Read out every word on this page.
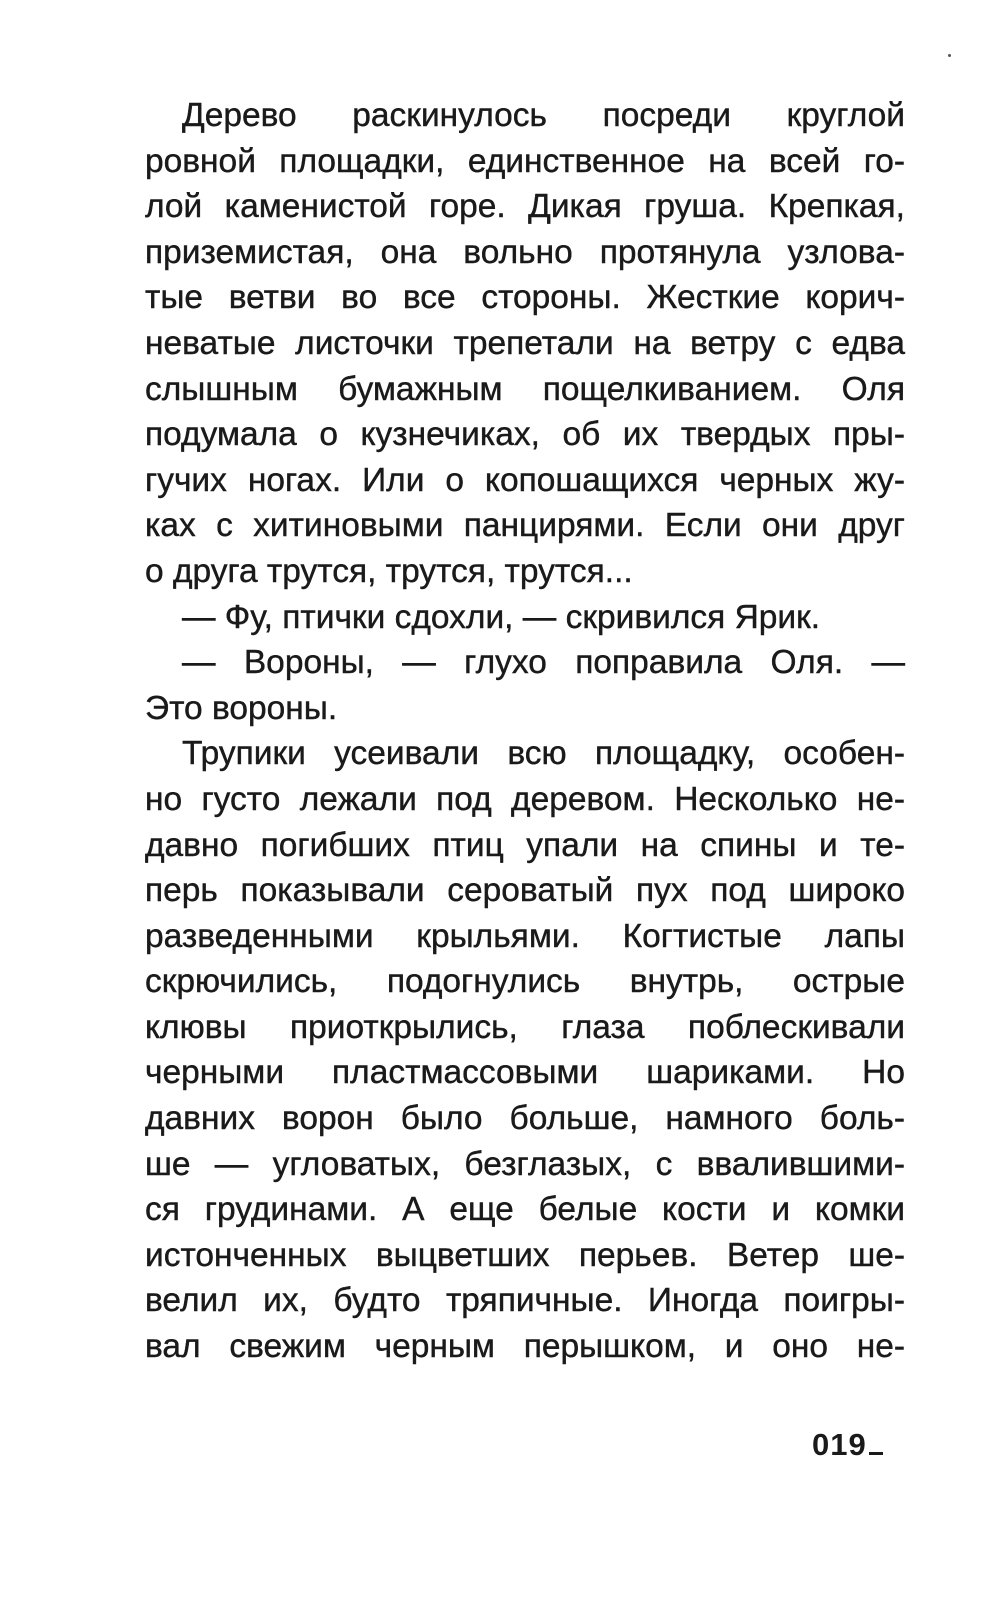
Дерево раскинулось посреди круглой
ровной площадки, единственное на всей го-
лой каменистой горе. Дикая груша. Крепкая,
приземистая, она вольно протянула узлова-
тые ветви во все стороны. Жесткие корич-
неватые листочки трепетали на ветру с едва
слышным бумажным пощелкиванием. Оля
подумала о кузнечиках, об их твердых пры-
гучих ногах. Или о копошащихся черных жу-
ках с хитиновыми панцирями. Если они друг
о друга трутся, трутся, трутся...
— Фу, птички сдохли, — скривился Ярик.
— Вороны, — глухо поправила Оля. —
Это вороны.
Трупики усеивали всю площадку, особен-
но густо лежали под деревом. Несколько не-
давно погибших птиц упали на спины и те-
перь показывали сероватый пух под широко
разведенными крыльями. Когтистые лапы
скрючились, подогнулись внутрь, острые
клювы приоткрылись, глаза поблескивали
черными пластмассовыми шариками. Но
давних ворон было больше, намного боль-
ше — угловатых, безглазых, с ввалившими-
ся грудинами. А еще белые кости и комки
истонченных выцветших перьев. Ветер ше-
велил их, будто тряпичные. Иногда поигры-
вал свежим черным перышком, и оно не-
019
